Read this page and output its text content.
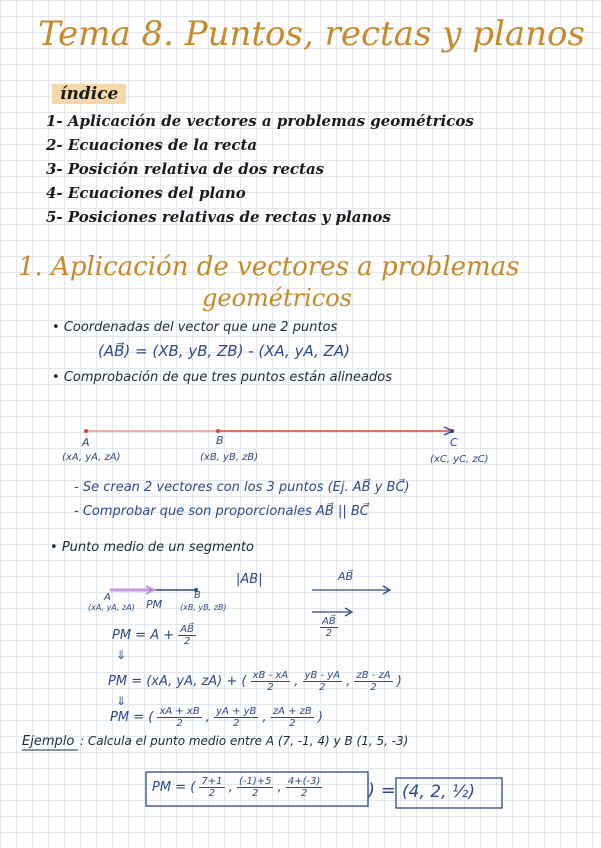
Tema 8. Puntos, rectas y planos
índice
1- Aplicación de vectores a problemas geométricos
2- Ecuaciones de la recta
3- Posición relativa de dos rectas
4- Ecuaciones del plano
5- Posiciones relativas de rectas y planos
1. Aplicación de vectores a problemas
geométricos
• Coordenadas del vector que une 2 puntos
(AB⃗) = (XB, yB, ZB) - (XA, yA, ZA)
• Comprobación de que tres puntos están alineados
A
(xA, yA, zA)
B
(xB, yB, zB)
C
(xC, yC, zC)
- Se crean 2 vectores con los 3 puntos (Ej. AB⃗ y BC⃗)
- Comprobar que son proporcionales AB⃗ || BC⃗
• Punto medio de un segmento
A
(xA, yA, zA) PM
B
(xB, yB, zB)
|AB|	AB⃗
$\frac{AB⃗}{2}$
PM = $A + \frac{AB⃗}{2}$
⇓
PM = (xA, yA, zA) + ( $\frac{xB - xA}{2}$ , $\frac{yB - yA}{2}$ , $\frac{zB - zA}{2}$ )
⇓
PM = ( $\frac{xA + xB}{2}$ , $\frac{yA + yB}{2}$ , $\frac{zA + zB}{2}$ )
Ejemplo : Calcula el punto medio entre A (7, -1, 4) y B (1, 5, -3)
PM = ( $\frac{7+1}{2}$ , $\frac{(-1)+5}{2}$ , $\frac{4+(-3)}{2}$	) = (4, 2, ½)
